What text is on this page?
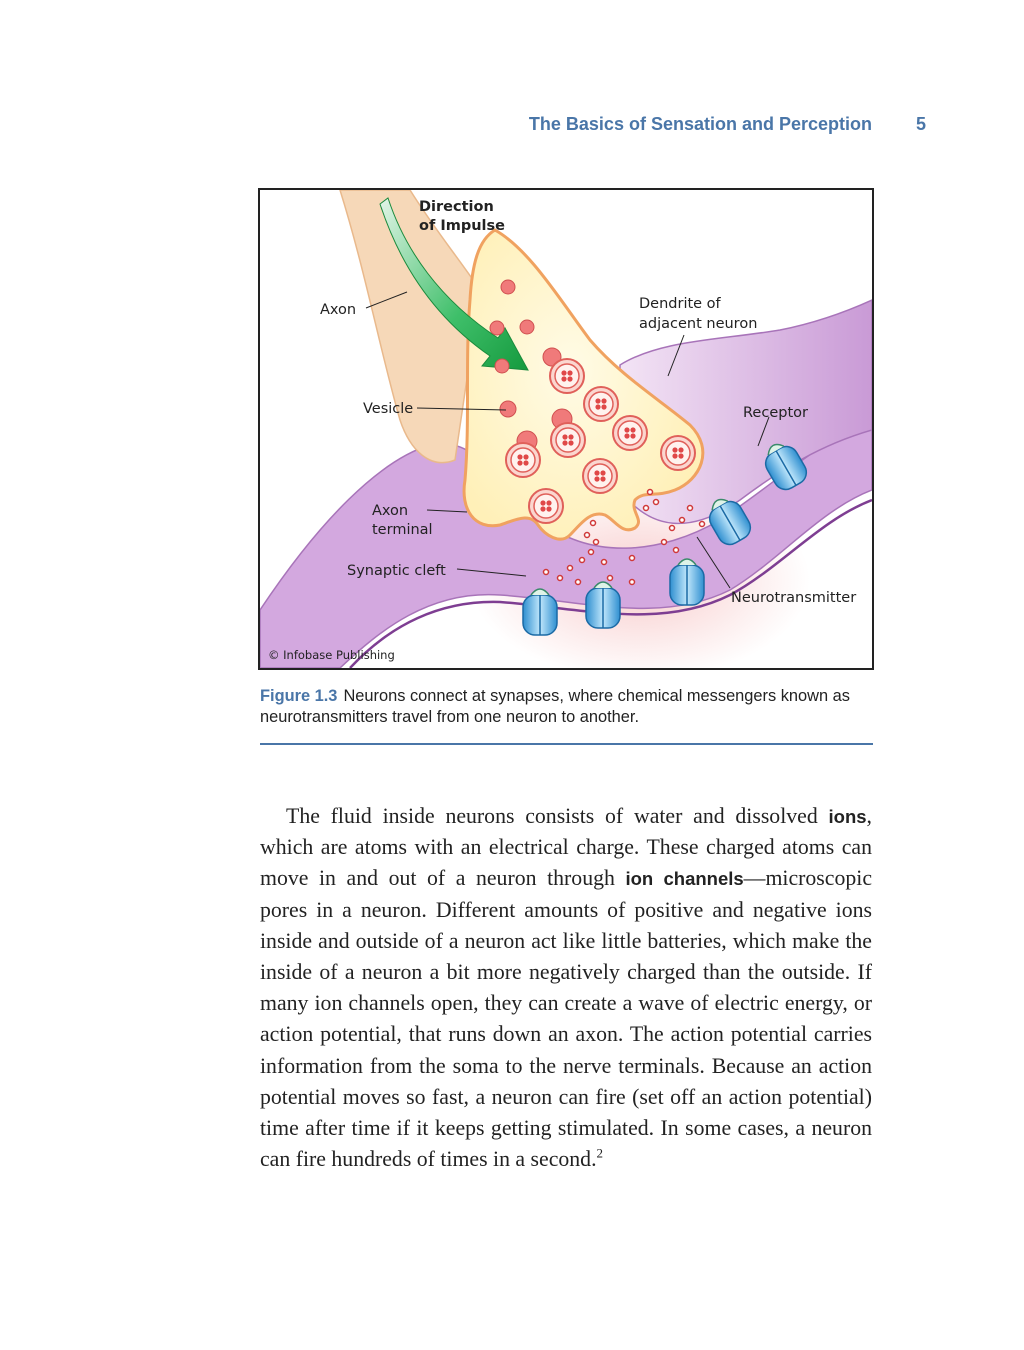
The Basics of Sensation and Perception 5
Direction
of Impulse
Axon	Dendrite of
adjacent neuron
Vesicle	Receptor
Axon
terminal
Synaptic cleft
Neurotransmitter
© Infobase Publishing
Figure 1.3 Neurons connect at synapses, where chemical messengers known as neurotransmitters travel from one neuron to another.

The fluid inside neurons consists of water and dissolved ions, which are atoms with an electrical charge. These charged atoms can move in and out of a neuron through ion channels—microscopic pores in a neuron. Different amounts of positive and negative ions inside and outside of a neuron act like little batteries, which make the inside of a neuron a bit more negatively charged than the outside. If many ion channels open, they can create a wave of electric energy, or action potential, that runs down an axon. The action potential carries information from the soma to the nerve terminals. Because an action potential moves so fast, a neuron can fire (set off an action potential) time after time if it keeps getting stimulated. In some cases, a neuron can fire hundreds of times in a second.$^2$
